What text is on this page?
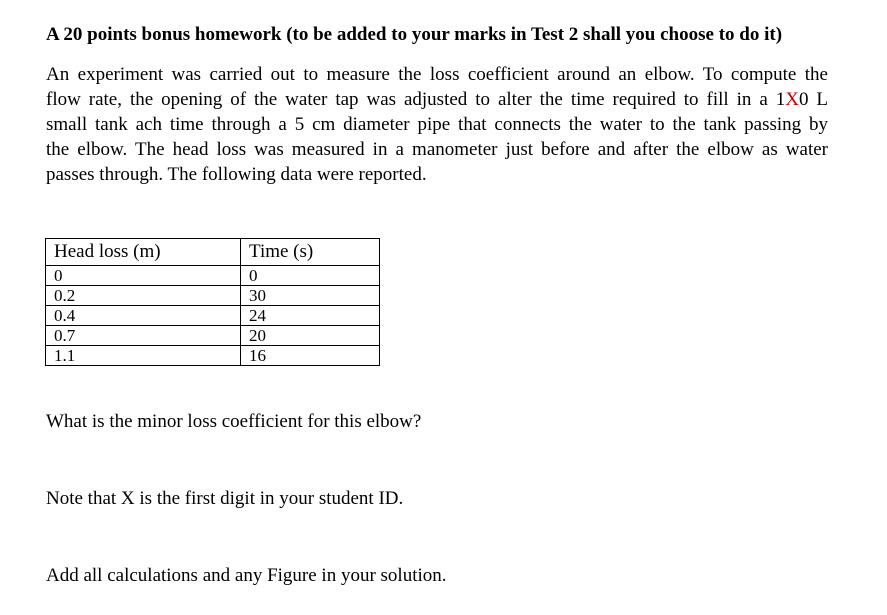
A 20 points bonus homework (to be added to your marks in Test 2 shall you choose to do it)
An experiment was carried out to measure the loss coefficient around an elbow. To compute the
flow rate, the opening of the water tap was adjusted to alter the time required to fill in a 1X0 L
small tank ach time through a 5 cm diameter pipe that connects the water to the tank passing by
the elbow. The head loss was measured in a manometer just before and after the elbow as water
passes through. The following data were reported.
Head loss (m)	Time (s)
0	0
0.2	30
0.4	24
0.7	20
1.1	16
What is the minor loss coefficient for this elbow?
Note that X is the first digit in your student ID.
Add all calculations and any Figure in your solution.
